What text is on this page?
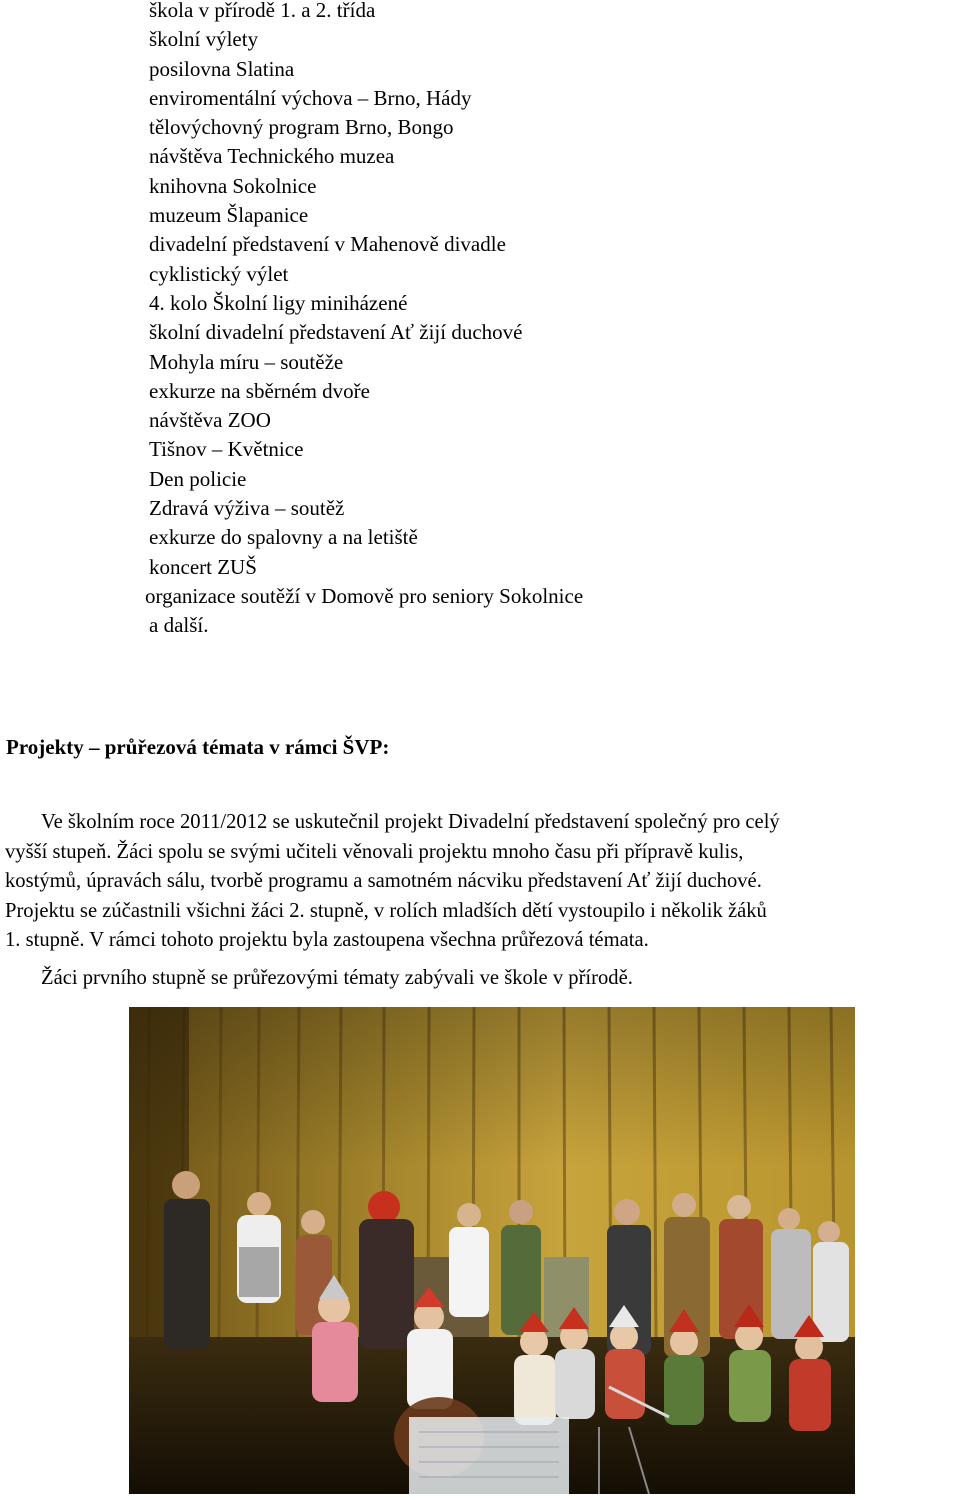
škola v přírodě 1. a 2. třída
školní výlety
posilovna Slatina
enviromentální výchova – Brno, Hády
tělovýchovný program Brno, Bongo
návštěva Technického muzea
knihovna Sokolnice
muzeum Šlapanice
divadelní představení v Mahenově divadle
cyklistický výlet
4. kolo Školní ligy miniházené
školní divadelní představení Ať žijí duchové
Mohyla míru – soutěže
exkurze na sběrném dvoře
návštěva ZOO
Tišnov – Květnice
Den policie
Zdravá výživa – soutěž
exkurze do spalovny a na letiště
koncert ZUŠ
organizace soutěží v Domově pro seniory Sokolnice
a další.
Projekty – průřezová témata v rámci ŠVP:
Ve školním roce 2011/2012 se uskutečnil projekt Divadelní představení společný pro celý
vyšší stupeň. Žáci spolu se svými učiteli věnovali projektu mnoho času při přípravě kulis,
kostýmů, úpravách sálu, tvorbě programu a samotném nácviku představení Ať žijí duchové.
Projektu se zúčastnili všichni žáci 2. stupně, v rolích mladších dětí vystoupilo i několik žáků
1. stupně. V rámci tohoto projektu byla zastoupena všechna průřezová témata.
Žáci prvního stupně se průřezovými tématy zabývali ve škole v přírodě.
